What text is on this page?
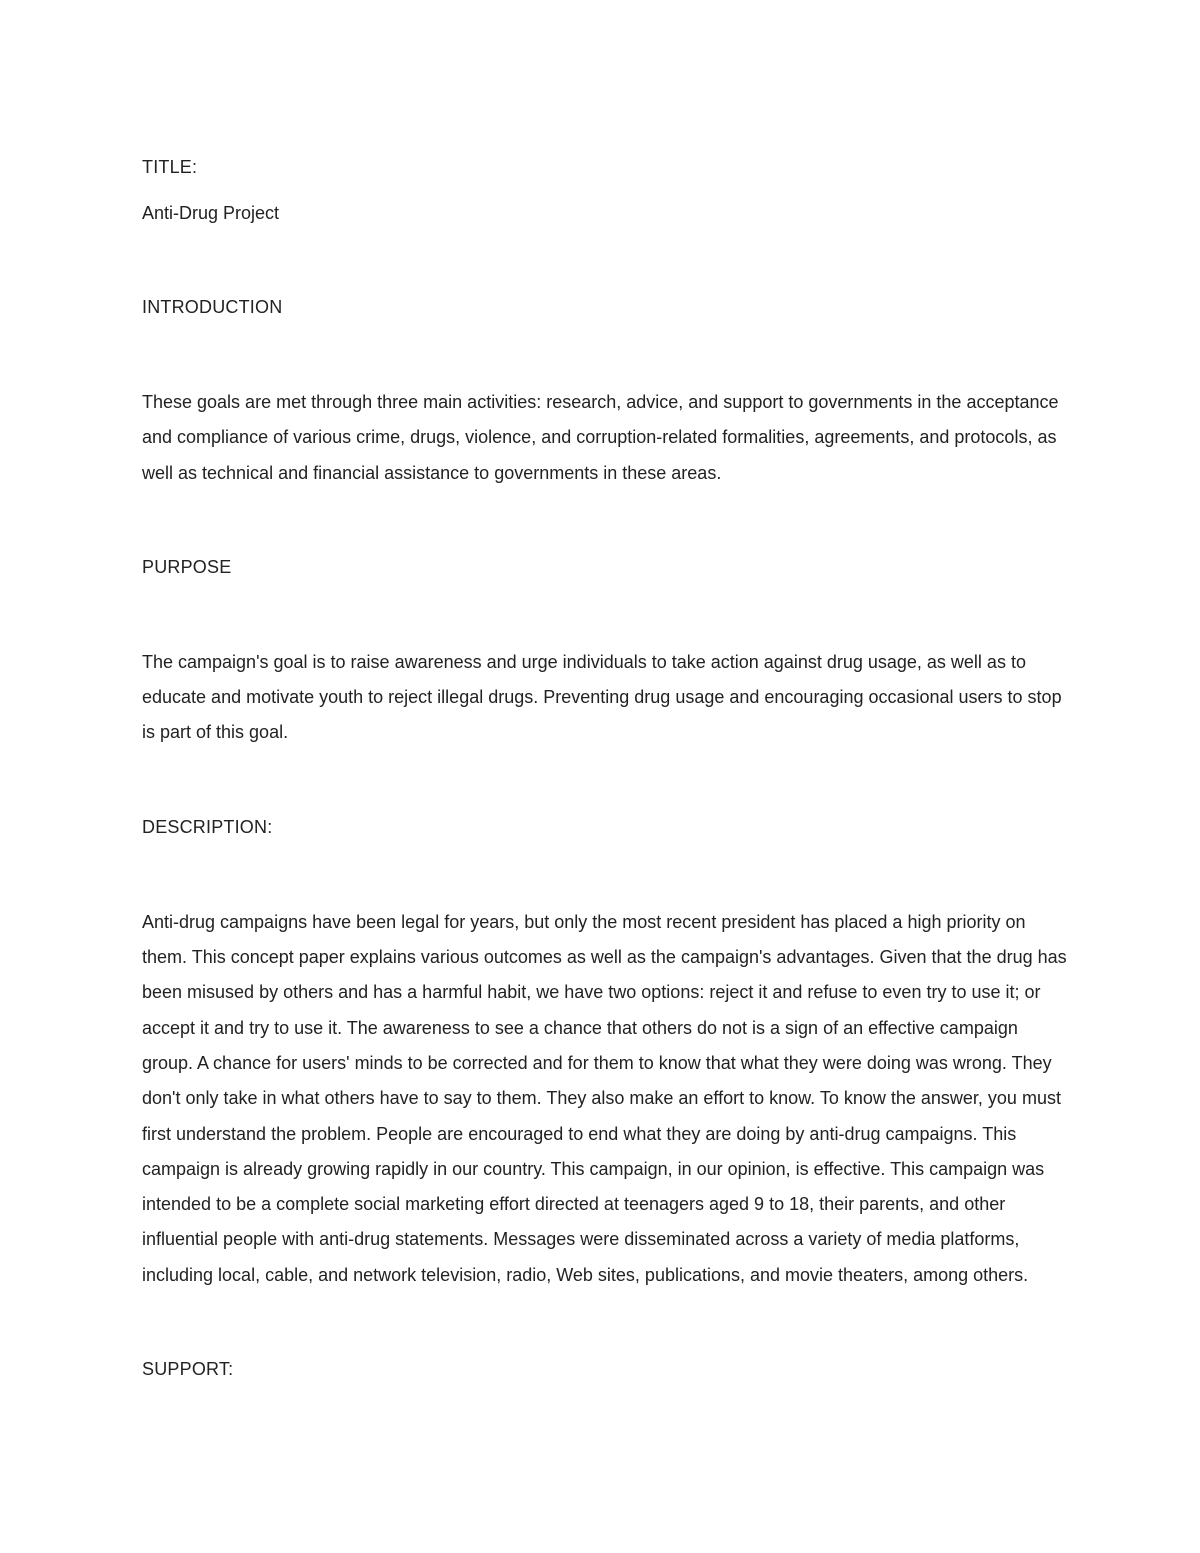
TITLE:

Anti-Drug Project

INTRODUCTION

These goals are met through three main activities: research, advice, and support to governments in the acceptance and compliance of various crime, drugs, violence, and corruption-related formalities, agreements, and protocols, as well as technical and financial assistance to governments in these areas.

PURPOSE

The campaign's goal is to raise awareness and urge individuals to take action against drug usage, as well as to educate and motivate youth to reject illegal drugs. Preventing drug usage and encouraging occasional users to stop is part of this goal.

DESCRIPTION:

Anti-drug campaigns have been legal for years, but only the most recent president has placed a high priority on them. This concept paper explains various outcomes as well as the campaign's advantages. Given that the drug has been misused by others and has a harmful habit, we have two options: reject it and refuse to even try to use it; or accept it and try to use it. The awareness to see a chance that others do not is a sign of an effective campaign group. A chance for users' minds to be corrected and for them to know that what they were doing was wrong. They don't only take in what others have to say to them. They also make an effort to know. To know the answer, you must first understand the problem. People are encouraged to end what they are doing by anti-drug campaigns. This campaign is already growing rapidly in our country. This campaign, in our opinion, is effective. This campaign was intended to be a complete social marketing effort directed at teenagers aged 9 to 18, their parents, and other influential people with anti-drug statements. Messages were disseminated across a variety of media platforms, including local, cable, and network television, radio, Web sites, publications, and movie theaters, among others.

SUPPORT:
